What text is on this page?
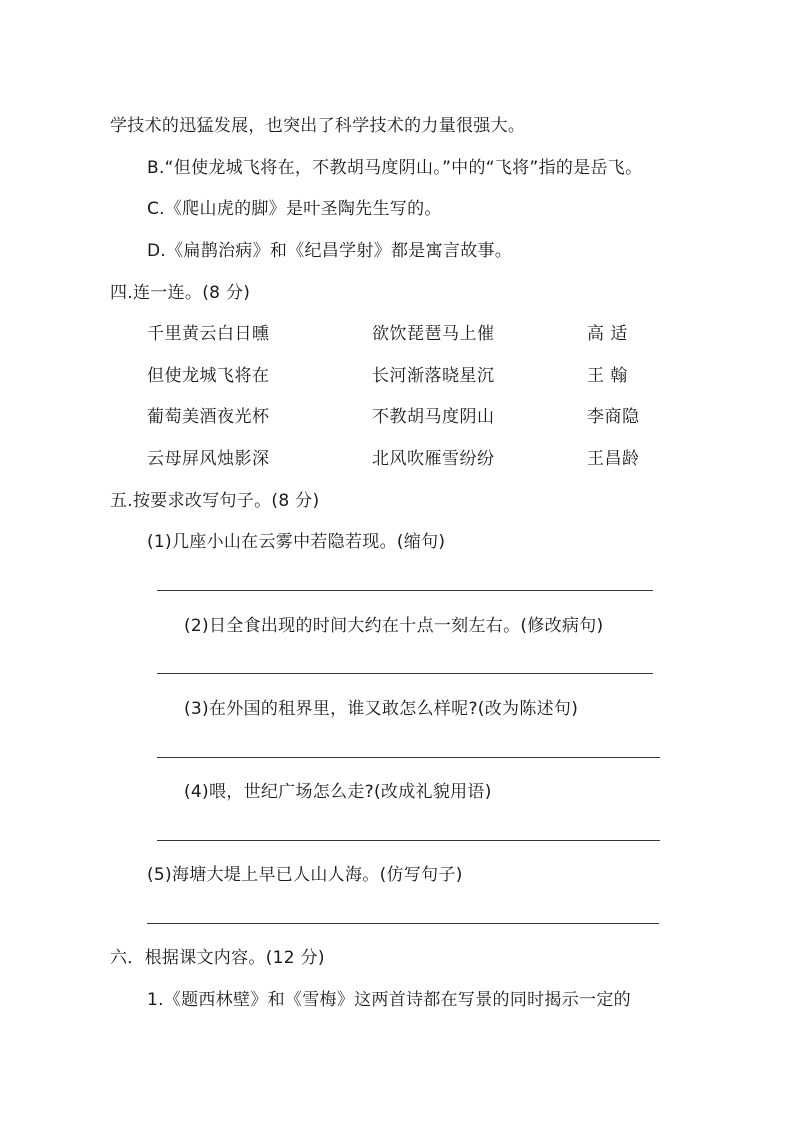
学技术的迅猛发展，也突出了科学技术的力量很强大。
B.“但使龙城飞将在，不教胡马度阴山。”中的“飞将”指的是岳飞。
C.《爬山虎的脚》是叶圣陶先生写的。
D.《扁鹊治病》和《纪昌学射》都是寓言故事。
四.连一连。(8 分)
千里黄云白日曛	欲饮琵琶马上催	高 适
但使龙城飞将在	长河渐落晓星沉	王 翰
葡萄美酒夜光杯	不教胡马度阴山	李商隐
云母屏风烛影深	北风吹雁雪纷纷	王昌龄
五.按要求改写句子。(8 分)
(1)几座小山在云雾中若隐若现。(缩句)
(2)日全食出现的时间大约在十点一刻左右。(修改病句)
(3)在外国的租界里，谁又敢怎么样呢?(改为陈述句)
(4)喂，世纪广场怎么走?(改成礼貌用语)
(5)海塘大堤上早已人山人海。(仿写句子)
六．根据课文内容。(12 分)
1.《题西林壁》和《雪梅》这两首诗都在写景的同时揭示一定的
